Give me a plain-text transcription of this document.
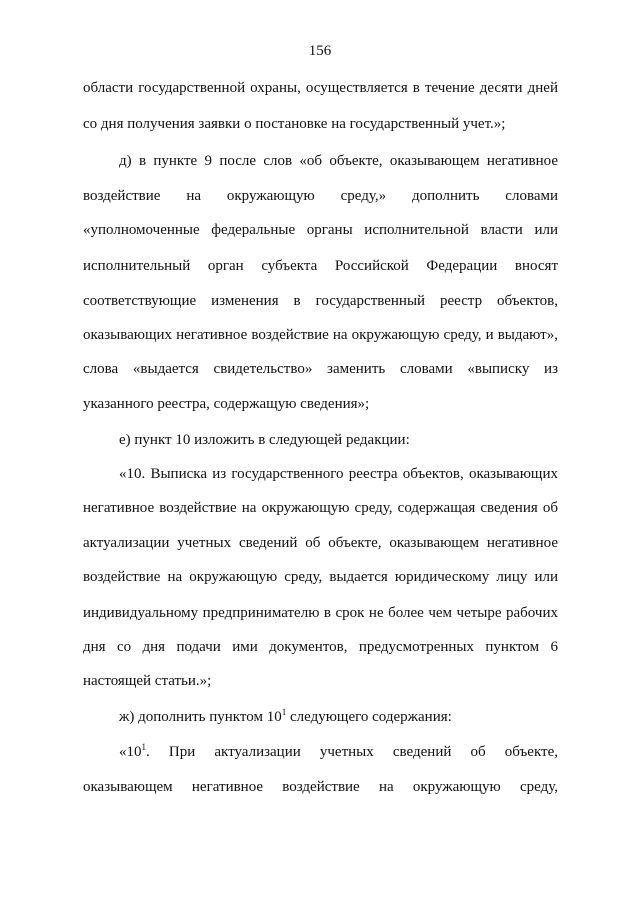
156
области государственной охраны, осуществляется в течение десяти дней
со дня получения заявки о постановке на государственный учет.»;
д) в пункте 9 после слов «об объекте, оказывающем негативное
воздействие на окружающую среду,» дополнить словами
«уполномоченные федеральные органы исполнительной власти или
исполнительный орган субъекта Российской Федерации вносят
соответствующие изменения в государственный реестр объектов,
оказывающих негативное воздействие на окружающую среду, и выдают»,
слова «выдается свидетельство» заменить словами «выписку из
указанного реестра, содержащую сведения»;
е) пункт 10 изложить в следующей редакции:
«10. Выписка из государственного реестра объектов, оказывающих
негативное воздействие на окружающую среду, содержащая сведения об
актуализации учетных сведений об объекте, оказывающем негативное
воздействие на окружающую среду, выдается юридическому лицу или
индивидуальному предпринимателю в срок не более чем четыре рабочих
дня со дня подачи ими документов, предусмотренных пунктом 6
настоящей статьи.»;
ж) дополнить пунктом $10^1$ следующего содержания:
«$10^1$. При актуализации учетных сведений об объекте,
оказывающем негативное воздействие на окружающую среду,
